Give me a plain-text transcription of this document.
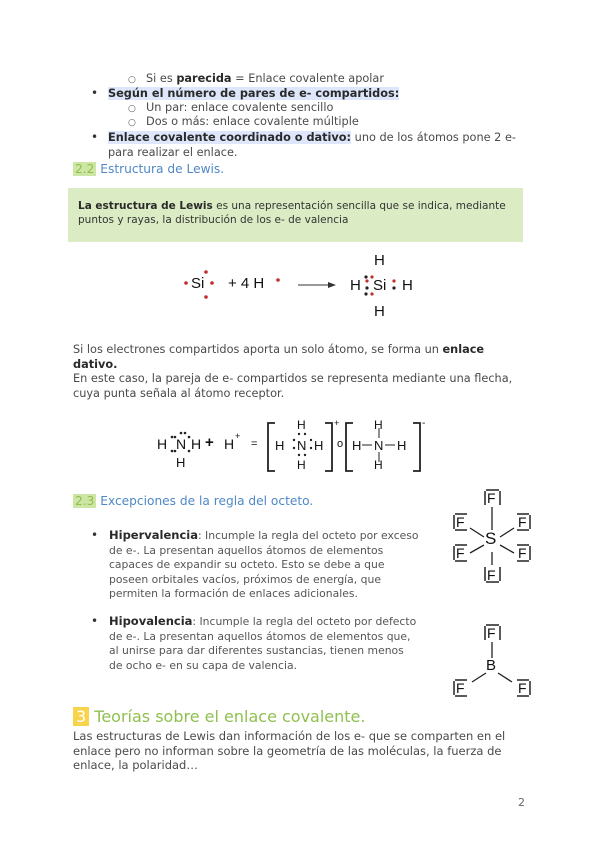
○ Si es parecida = Enlace covalente apolar
• Según el número de pares de e- compartidos:
○ Un par: enlace covalente sencillo
○ Dos o más: enlace covalente múltiple
• Enlace covalente coordinado o dativo: uno de los átomos pone 2 e-
para realizar el enlace.
2.2 Estructura de Lewis.
La estructura de Lewis es una representación sencilla que se indica, mediante
puntos y rayas, la distribución de los e- de valencia
Si + 4 H
H
H Si H
H
Si los electrones compartidos aporta un solo átomo, se forma un enlace
dativo.
En este caso, la pareja de e- compartidos se representa mediante una flecha,
cuya punta señala al átomo receptor.
H N H
H
+ H +
=
H
H N H
H
+
o
H
H N H
H
-
2.3 Excepciones de la regla del octeto.
• Hipervalencia: Incumple la regla del octeto por exceso
de e-. La presentan aquellos átomos de elementos
capaces de expandir su octeto. Esto se debe a que
poseen orbitales vacíos, próximos de energía, que
permiten la formación de enlaces adicionales.
F
F	F
S
F	F
F
• Hipovalencia: Incumple la regla del octeto por defecto
de e-. La presentan aquellos átomos de elementos que,
al unirse para dar diferentes sustancias, tienen menos
de ocho e- en su capa de valencia.
F
B
F	F
3 Teorías sobre el enlace covalente.
Las estructuras de Lewis dan información de los e- que se comparten en el
enlace pero no informan sobre la geometría de las moléculas, la fuerza de
enlace, la polaridad…
2
